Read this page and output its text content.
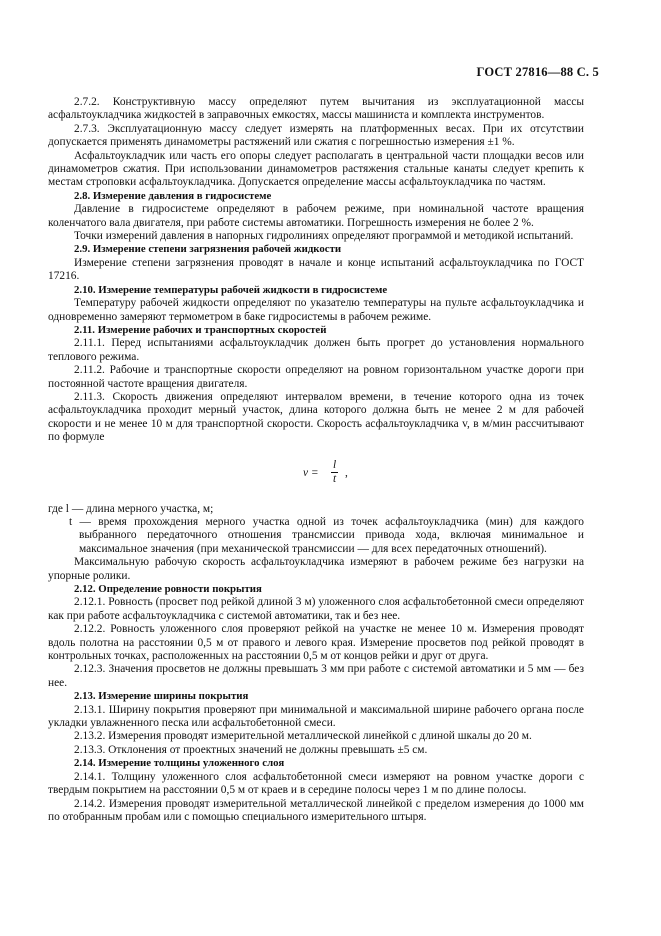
ГОСТ 27816—88 С. 5

2.7.2. Конструктивную массу определяют путем вычитания из эксплуатационной массы асфальтоукладчика жидкостей в заправочных емкостях, массы машиниста и комплекта инструментов.

2.7.3. Эксплуатационную массу следует измерять на платформенных весах. При их отсутствии допускается применять динамометры растяжений или сжатия с погрешностью измерения ±1 %.

Асфальтоукладчик или часть его опоры следует располагать в центральной части площадки весов или динамометров сжатия. При использовании динамометров растяжения стальные канаты следует крепить к местам строповки асфальтоукладчика. Допускается определение массы асфальтоукладчика по частям.

2.8. Измерение давления в гидросистеме

Давление в гидросистеме определяют в рабочем режиме, при номинальной частоте вращения коленчатого вала двигателя, при работе системы автоматики. Погрешность измерения не более 2 %.

Точки измерений давления в напорных гидролиниях определяют программой и методикой испытаний.

2.9. Измерение степени загрязнения рабочей жидкости

Измерение степени загрязнения проводят в начале и конце испытаний асфальтоукладчика по ГОСТ 17216.

2.10. Измерение температуры рабочей жидкости в гидросистеме

Температуру рабочей жидкости определяют по указателю температуры на пульте асфальтоукладчика и одновременно замеряют термометром в баке гидросистемы в рабочем режиме.

2.11. Измерение рабочих и транспортных скоростей

2.11.1. Перед испытаниями асфальтоукладчик должен быть прогрет до установления нормального теплового режима.

2.11.2. Рабочие и транспортные скорости определяют на ровном горизонтальном участке дороги при постоянной частоте вращения двигателя.

2.11.3. Скорость движения определяют интервалом времени, в течение которого одна из точек асфальтоукладчика проходит мерный участок, длина которого должна быть не менее 2 м для рабочей скорости и не менее 10 м для транспортной скорости. Скорость асфальтоукладчика v, в м/мин рассчитывают по формуле

$v = \frac{l}{t}$ ,

где l — длина мерного участка, м;

t — время прохождения мерного участка одной из точек асфальтоукладчика (мин) для каждого выбранного передаточного отношения трансмиссии привода хода, включая минимальное и максимальное значения (при механической трансмиссии — для всех передаточных отношений).

Максимальную рабочую скорость асфальтоукладчика измеряют в рабочем режиме без нагрузки на упорные ролики.

2.12. Определение ровности покрытия

2.12.1. Ровность (просвет под рейкой длиной 3 м) уложенного слоя асфальтобетонной смеси определяют как при работе асфальтоукладчика с системой автоматики, так и без нее.

2.12.2. Ровность уложенного слоя проверяют рейкой на участке не менее 10 м. Измерения проводят вдоль полотна на расстоянии 0,5 м от правого и левого края. Измерение просветов под рейкой проводят в контрольных точках, расположенных на расстоянии 0,5 м от концов рейки и друг от друга.

2.12.3. Значения просветов не должны превышать 3 мм при работе с системой автоматики и 5 мм — без нее.

2.13. Измерение ширины покрытия

2.13.1. Ширину покрытия проверяют при минимальной и максимальной ширине рабочего органа после укладки увлажненного песка или асфальтобетонной смеси.

2.13.2. Измерения проводят измерительной металлической линейкой с длиной шкалы до 20 м.

2.13.3. Отклонения от проектных значений не должны превышать ±5 см.

2.14. Измерение толщины уложенного слоя

2.14.1. Толщину уложенного слоя асфальтобетонной смеси измеряют на ровном участке дороги с твердым покрытием на расстоянии 0,5 м от краев и в середине полосы через 1 м по длине полосы.

2.14.2. Измерения проводят измерительной металлической линейкой с пределом измерения до 1000 мм по отобранным пробам или с помощью специального измерительного штыря.
